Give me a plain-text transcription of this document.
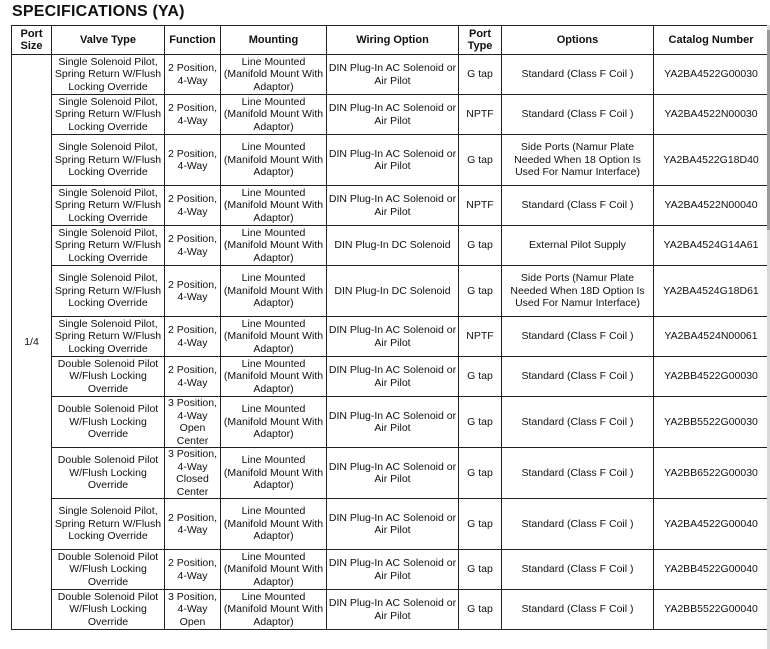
SPECIFICATIONS (YA)
Port Size	Valve Type	Function	Mounting	Wiring Option	Port Type	Options	Catalog Number
1/4	Single Solenoid Pilot, Spring Return W/Flush Locking Override	2 Position, 4-Way	Line Mounted (Manifold Mount With Adaptor)	DIN Plug-In AC Solenoid or Air Pilot	G tap	Standard (Class F Coil )	YA2BA4522G00030
	Single Solenoid Pilot, Spring Return W/Flush Locking Override	2 Position, 4-Way	Line Mounted (Manifold Mount With Adaptor)	DIN Plug-In AC Solenoid or Air Pilot	NPTF	Standard (Class F Coil )	YA2BA4522N00030
	Single Solenoid Pilot, Spring Return W/Flush Locking Override	2 Position, 4-Way	Line Mounted (Manifold Mount With Adaptor)	DIN Plug-In AC Solenoid or Air Pilot	G tap	Side Ports (Namur Plate Needed When 18 Option Is Used For Namur Interface)	YA2BA4522G18D40
	Single Solenoid Pilot, Spring Return W/Flush Locking Override	2 Position, 4-Way	Line Mounted (Manifold Mount With Adaptor)	DIN Plug-In AC Solenoid or Air Pilot	NPTF	Standard (Class F Coil )	YA2BA4522N00040
	Single Solenoid Pilot, Spring Return W/Flush Locking Override	2 Position, 4-Way	Line Mounted (Manifold Mount With Adaptor)	DIN Plug-In DC Solenoid	G tap	External Pilot Supply	YA2BA4524G14A61
	Single Solenoid Pilot, Spring Return W/Flush Locking Override	2 Position, 4-Way	Line Mounted (Manifold Mount With Adaptor)	DIN Plug-In DC Solenoid	G tap	Side Ports (Namur Plate Needed When 18D Option Is Used For Namur Interface)	YA2BA4524G18D61
	Single Solenoid Pilot, Spring Return W/Flush Locking Override	2 Position, 4-Way	Line Mounted (Manifold Mount With Adaptor)	DIN Plug-In AC Solenoid or Air Pilot	NPTF	Standard (Class F Coil )	YA2BA4524N00061
	Double Solenoid Pilot W/Flush Locking Override	2 Position, 4-Way	Line Mounted (Manifold Mount With Adaptor)	DIN Plug-In AC Solenoid or Air Pilot	G tap	Standard (Class F Coil )	YA2BB4522G00030
	Double Solenoid Pilot W/Flush Locking Override	3 Position, 4-Way Open Center	Line Mounted (Manifold Mount With Adaptor)	DIN Plug-In AC Solenoid or Air Pilot	G tap	Standard (Class F Coil )	YA2BB5522G00030
	Double Solenoid Pilot W/Flush Locking Override	3 Position, 4-Way Closed Center	Line Mounted (Manifold Mount With Adaptor)	DIN Plug-In AC Solenoid or Air Pilot	G tap	Standard (Class F Coil )	YA2BB6522G00030
	Single Solenoid Pilot, Spring Return W/Flush Locking Override	2 Position, 4-Way	Line Mounted (Manifold Mount With Adaptor)	DIN Plug-In AC Solenoid or Air Pilot	G tap	Standard (Class F Coil )	YA2BA4522G00040
	Double Solenoid Pilot W/Flush Locking Override	2 Position, 4-Way	Line Mounted (Manifold Mount With Adaptor)	DIN Plug-In AC Solenoid or Air Pilot	G tap	Standard (Class F Coil )	YA2BB4522G00040
	Double Solenoid Pilot W/Flush Locking Override	3 Position, 4-Way Open	Line Mounted (Manifold Mount With Adaptor)	DIN Plug-In AC Solenoid or Air Pilot	G tap	Standard (Class F Coil )	YA2BB5522G00040
